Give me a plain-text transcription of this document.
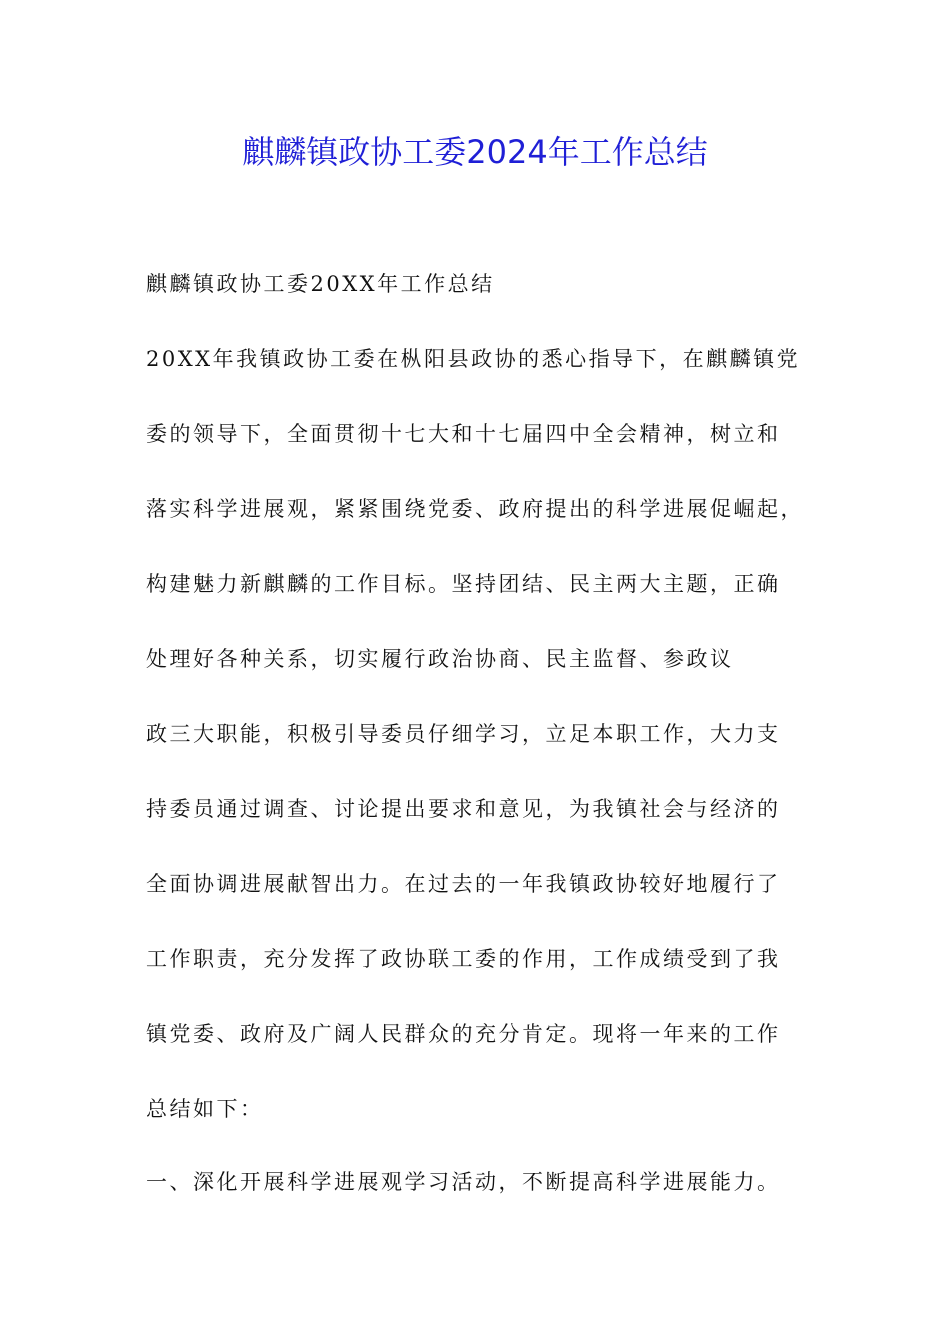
麒麟镇政协工委2024年工作总结
麒麟镇政协工委20XX年工作总结
20XX年我镇政协工委在枞阳县政协的悉心指导下，在麒麟镇党
委的领导下，全面贯彻十七大和十七届四中全会精神，树立和
落实科学进展观，紧紧围绕党委、政府提出的科学进展促崛起，
构建魅力新麒麟的工作目标。坚持团结、民主两大主题，正确
处理好各种关系，切实履行政治协商、民主监督、参政议
政三大职能，积极引导委员仔细学习，立足本职工作，大力支
持委员通过调查、讨论提出要求和意见，为我镇社会与经济的
全面协调进展献智出力。在过去的一年我镇政协较好地履行了
工作职责，充分发挥了政协联工委的作用，工作成绩受到了我
镇党委、政府及广阔人民群众的充分肯定。现将一年来的工作
总结如下：
一、深化开展科学进展观学习活动，不断提高科学进展能力。
